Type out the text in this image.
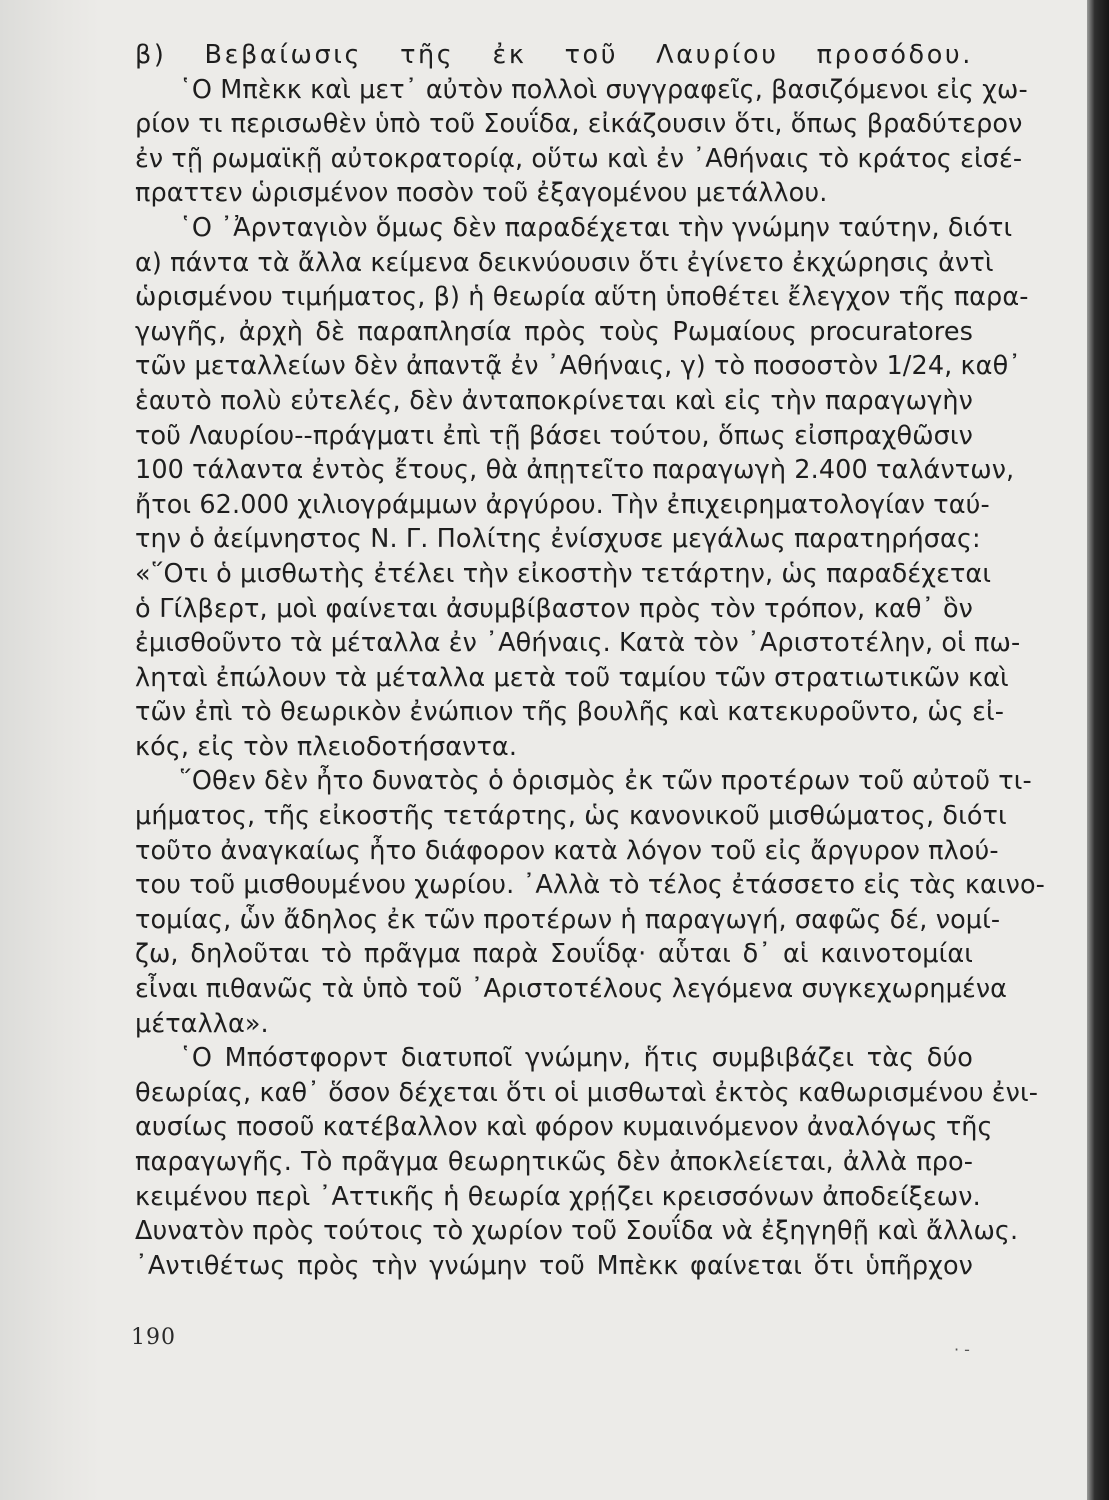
β) Βεβαίωσις τῆς ἐκ τοῦ Λαυρίου προσόδου.
῾Ο Μπὲκκ καὶ μετ᾽ αὐτὸν πολλοὶ συγγραφεῖς, βασιζόμενοι εἰς χω-
ρίον τι περισωθὲν ὑπὸ τοῦ Σουΐδα, εἰκάζουσιν ὅτι, ὅπως βραδύτερον
ἐν τῇ ρωμαϊκῇ αὐτοκρατορίᾳ, οὕτω καὶ ἐν ᾽Αθήναις τὸ κράτος εἰσέ-
πραττεν ὡρισμένον ποσὸν τοῦ ἐξαγομένου μετάλλου.
῾Ο ᾽Ἀρνταγιὸν ὅμως δὲν παραδέχεται τὴν γνώμην ταύτην, διότι
α) πάντα τὰ ἄλλα κείμενα δεικνύουσιν ὅτι ἐγίνετο ἐκχώρησις ἀντὶ
ὡρισμένου τιμήματος, β) ἡ θεωρία αὕτη ὑποθέτει ἔλεγχον τῆς παρα-
γωγῆς, ἀρχὴ δὲ παραπλησία πρὸς τοὺς Ρωμαίους procuratores
τῶν μεταλλείων δὲν ἀπαντᾷ ἐν ᾽Αθήναις, γ) τὸ ποσοστὸν 1/24, καθ᾽
ἑαυτὸ πολὺ εὐτελές, δὲν ἀνταποκρίνεται καὶ εἰς τὴν παραγωγὴν
τοῦ Λαυρίου--πράγματι ἐπὶ τῇ βάσει τούτου, ὅπως εἰσπραχθῶσιν
100 τάλαντα ἐντὸς ἔτους, θὰ ἀπῃτεῖτο παραγωγὴ 2.400 ταλάντων,
ἤτοι 62.000 χιλιογράμμων ἀργύρου. Τὴν ἐπιχειρηματολογίαν ταύ-
την ὁ ἀείμνηστος Ν. Γ. Πολίτης ἐνίσχυσε μεγάλως παρατηρήσας:
«῞Οτι ὁ μισθωτὴς ἐτέλει τὴν εἰκοστὴν τετάρτην, ὡς παραδέχεται
ὁ Γίλβερτ, μοὶ φαίνεται ἀσυμβίβαστον πρὸς τὸν τρόπον, καθ᾽ ὃν
ἐμισθοῦντο τὰ μέταλλα ἐν ᾽Αθήναις. Κατὰ τὸν ᾽Αριστοτέλην, οἱ πω-
ληταὶ ἐπώλουν τὰ μέταλλα μετὰ τοῦ ταμίου τῶν στρατιωτικῶν καὶ
τῶν ἐπὶ τὸ θεωρικὸν ἐνώπιον τῆς βουλῆς καὶ κατεκυροῦντο, ὡς εἰ-
κός, εἰς τὸν πλειοδοτήσαντα.
῞Οθεν δὲν ἦτο δυνατὸς ὁ ὁρισμὸς ἐκ τῶν προτέρων τοῦ αὐτοῦ τι-
μήματος, τῆς εἰκοστῆς τετάρτης, ὡς κανονικοῦ μισθώματος, διότι
τοῦτο ἀναγκαίως ἦτο διάφορον κατὰ λόγον τοῦ εἰς ἄργυρον πλού-
του τοῦ μισθουμένου χωρίου. ᾽Αλλὰ τὸ τέλος ἐτάσσετο εἰς τὰς καινο-
τομίας, ὧν ἄδηλος ἐκ τῶν προτέρων ἡ παραγωγή, σαφῶς δέ, νομί-
ζω, δηλοῦται τὸ πρᾶγμα παρὰ Σουΐδᾳ· αὗται δ᾽ αἱ καινοτομίαι
εἶναι πιθανῶς τὰ ὑπὸ τοῦ ᾽Αριστοτέλους λεγόμενα συγκεχωρημένα
μέταλλα».
῾Ο Μπόστφορντ διατυποῖ γνώμην, ἥτις συμβιβάζει τὰς δύο
θεωρίας, καθ᾽ ὅσον δέχεται ὅτι οἱ μισθωταὶ ἐκτὸς καθωρισμένου ἐνι-
αυσίως ποσοῦ κατέβαλλον καὶ φόρον κυμαινόμενον ἀναλόγως τῆς
παραγωγῆς. Τὸ πρᾶγμα θεωρητικῶς δὲν ἀποκλείεται, ἀλλὰ προ-
κειμένου περὶ ᾽Αττικῆς ἡ θεωρία χρῄζει κρεισσόνων ἀποδείξεων.
Δυνατὸν πρὸς τούτοις τὸ χωρίον τοῦ Σουΐδα νὰ ἐξηγηθῇ καὶ ἄλλως.
᾽Αντιθέτως πρὸς τὴν γνώμην τοῦ Μπὲκκ φαίνεται ὅτι ὑπῆρχον
190	· ‑
